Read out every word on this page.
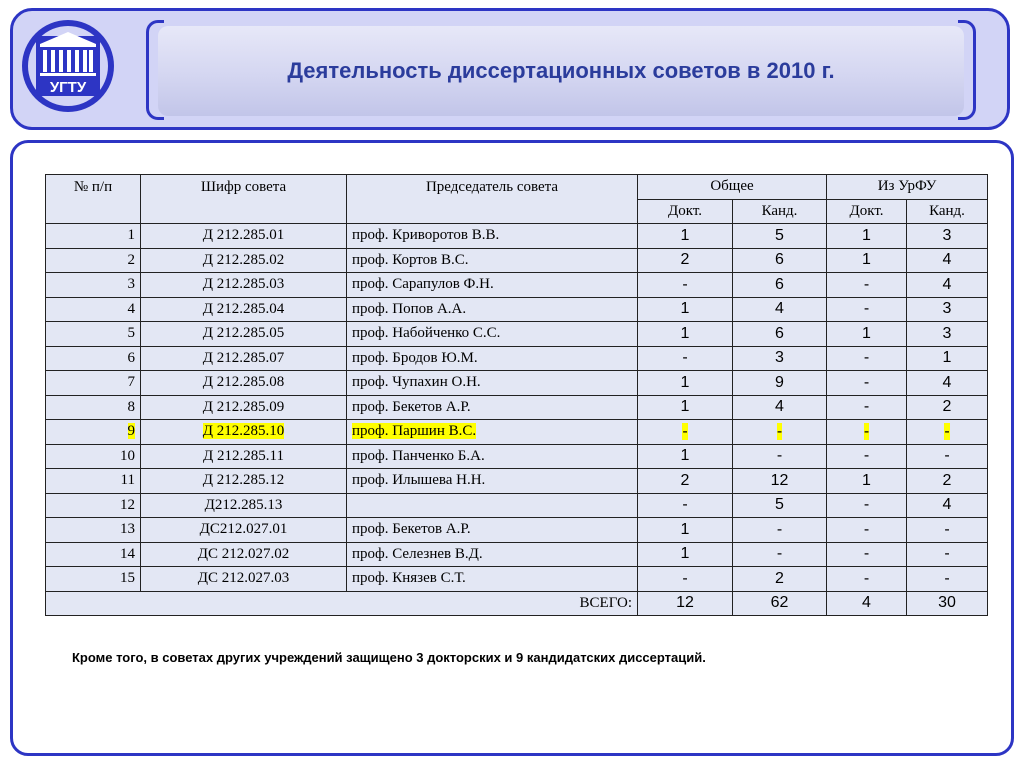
УГТУ
Деятельность диссертационных советов в 2010 г.
№ п/п	Шифр совета	Председатель совета	Общее		Из УрФУ	
			Докт.	Канд.	Докт.	Канд.
1	Д 212.285.01	проф. Криворотов В.В.	1	5	1	3
2	Д 212.285.02	проф. Кортов В.С.	2	6	1	4
3	Д 212.285.03	проф. Сарапулов Ф.Н.	-	6	-	4
4	Д 212.285.04	проф. Попов А.А.	1	4	-	3
5	Д 212.285.05	проф. Набойченко С.С.	1	6	1	3
6	Д 212.285.07	проф. Бродов Ю.М.	-	3	-	1
7	Д 212.285.08	проф. Чупахин О.Н.	1	9	-	4
8	Д 212.285.09	проф. Бекетов А.Р.	1	4	-	2
9	Д 212.285.10	проф. Паршин В.С.	-	-	-	-
10	Д 212.285.11	проф. Панченко Б.А.	1	-	-	-
11	Д 212.285.12	проф. Илышева Н.Н.	2	12	1	2
12	Д212.285.13		-	5	-	4
13	ДС212.027.01	проф. Бекетов А.Р.	1	-	-	-
14	ДС 212.027.02	проф. Селезнев В.Д.	1	-	-	-
15	ДС 212.027.03	проф. Князев С.Т.	-	2	-	-
ВСЕГО:			12	62	4	30
Кроме того, в советах других учреждений защищено 3 докторских и 9 кандидатских диссертаций.
